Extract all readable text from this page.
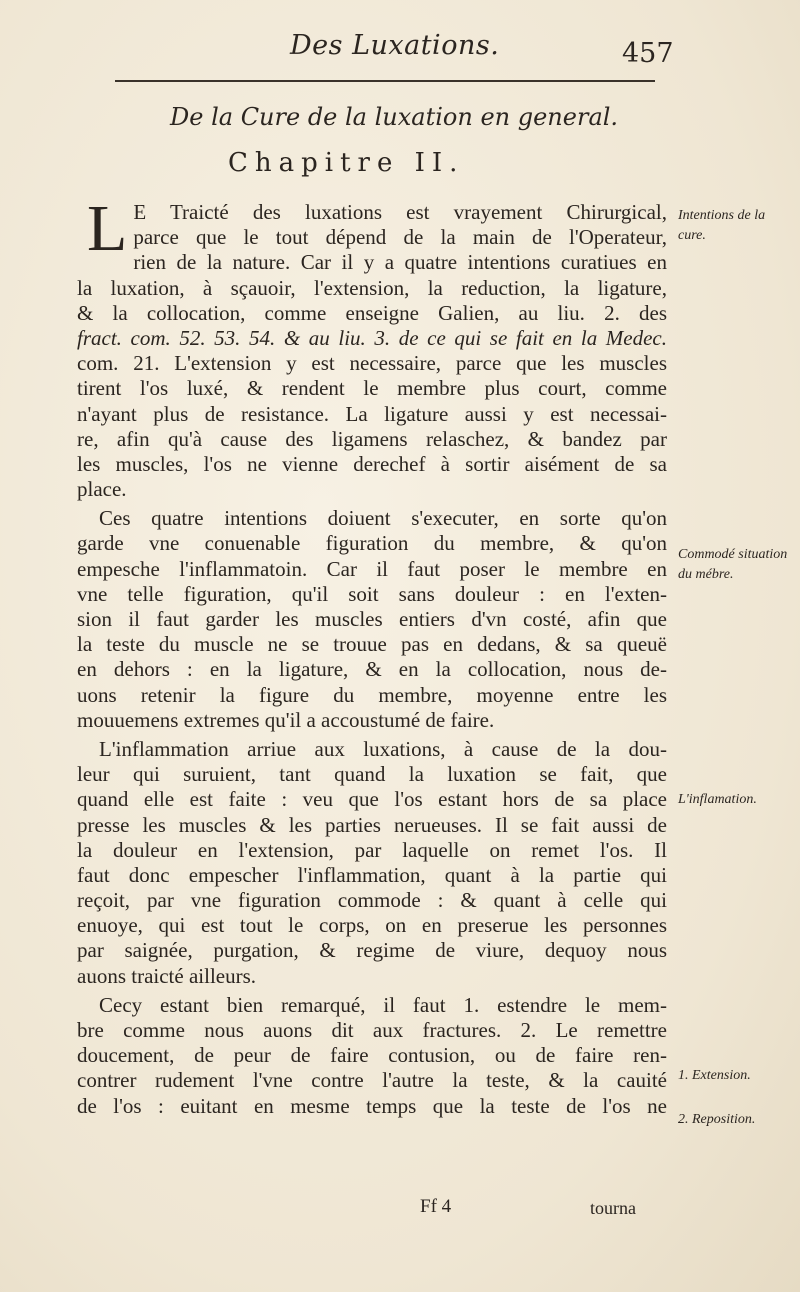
Des Luxations.	457
De la Cure de la luxation en general.
Chapitre II.
L E Traicté des luxations est vrayement Chirurgical,
parce que le tout dépend de la main de l'Operateur,
rien de la nature. Car il y a quatre intentions curatiues en
la luxation, à sçauoir, l'extension, la reduction, la ligature,
& la collocation, comme enseigne Galien, au liu. 2. des
fract. com. 52. 53. 54. & au liu. 3. de ce qui se fait en la Medec.
com. 21. L'extension y est necessaire, parce que les muscles
tirent l'os luxé, & rendent le membre plus court, comme
n'ayant plus de resistance. La ligature aussi y est necessai-
re, afin qu'à cause des ligamens relaschez, & bandez par
les muscles, l'os ne vienne derechef à sortir aisément de sa
place.
Ces quatre intentions doiuent s'executer, en sorte qu'on
garde vne conuenable figuration du membre, & qu'on
empesche l'inflammatoin. Car il faut poser le membre en
vne telle figuration, qu'il soit sans douleur : en l'exten-
sion il faut garder les muscles entiers d'vn costé, afin que
la teste du muscle ne se trouue pas en dedans, & sa queuë
en dehors : en la ligature, & en la collocation, nous de-
uons retenir la figure du membre, moyenne entre les
mouuemens extremes qu'il a accoustumé de faire.
L'inflammation arriue aux luxations, à cause de la dou-
leur qui suruient, tant quand la luxation se fait, que
quand elle est faite : veu que l'os estant hors de sa place
presse les muscles & les parties nerueuses. Il se fait aussi de
la douleur en l'extension, par laquelle on remet l'os. Il
faut donc empescher l'inflammation, quant à la partie qui
reçoit, par vne figuration commode : & quant à celle qui
enuoye, qui est tout le corps, on en preserue les personnes
par saignée, purgation, & regime de viure, dequoy nous
auons traicté ailleurs.
Cecy estant bien remarqué, il faut 1. estendre le mem-
bre comme nous auons dit aux fractures. 2. Le remettre
doucement, de peur de faire contusion, ou de faire ren-
contrer rudement l'vne contre l'autre la teste, & la cauité
de l'os : euitant en mesme temps que la teste de l'os ne
Intentions de la cure.
Commodé situation du mébre.
L'inflamation.
1. Extension.
2. Reposition.
Ff 4	tourna
